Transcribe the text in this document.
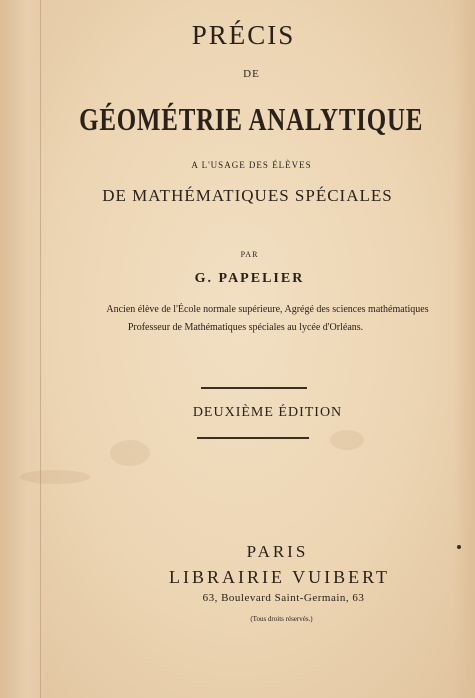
PRÉCIS
DE
GÉOMÉTRIE ANALYTIQUE
A L'USAGE DES ÉLÈVES
DE MATHÉMATIQUES SPÉCIALES
PAR
G. PAPELIER
Ancien élève de l'École normale supérieure, Agrégé des sciences mathématiques
Professeur de Mathématiques spéciales au lycée d'Orléans.
DEUXIÈME ÉDITION
PARIS
LIBRAIRIE VUIBERT
63, Boulevard Saint-Germain, 63
(Tous droits réservés.)
